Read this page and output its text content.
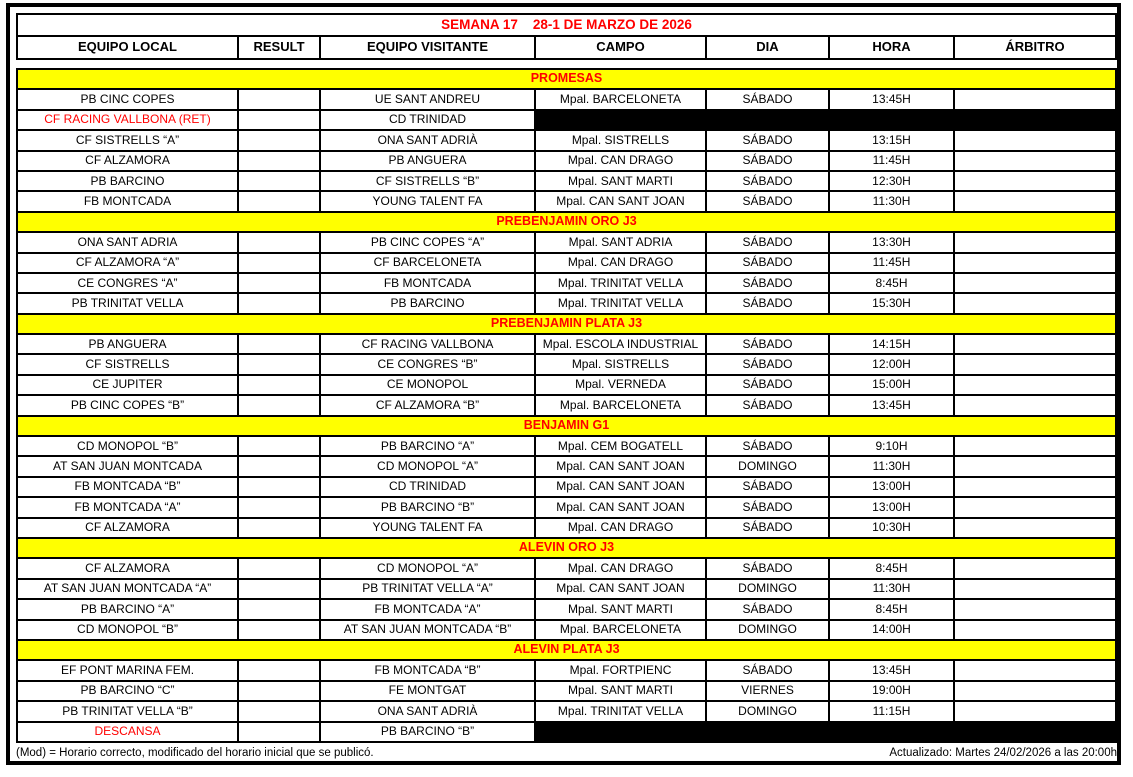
SEMANA 17    28-1 DE MARZO DE 2026
EQUIPO LOCAL	RESULT	EQUIPO VISITANTE	CAMPO	DIA	HORA	ÁRBITRO
PROMESAS						
PB CINC COPES		UE SANT ANDREU	Mpal. BARCELONETA	SÁBADO	13:45H	
CF RACING VALLBONA (RET)		CD TRINIDAD				
CF SISTRELLS “A”		ONA SANT ADRIÀ	Mpal. SISTRELLS	SÁBADO	13:15H	
CF ALZAMORA		PB ANGUERA	Mpal. CAN DRAGO	SÁBADO	11:45H	
PB BARCINO		CF SISTRELLS “B”	Mpal. SANT MARTI	SÁBADO	12:30H	
FB MONTCADA		YOUNG TALENT FA	Mpal. CAN SANT JOAN	SÁBADO	11:30H	
PREBENJAMIN ORO J3						
ONA SANT ADRIA		PB CINC COPES “A”	Mpal. SANT ADRIA	SÁBADO	13:30H	
CF ALZAMORA “A”		CF BARCELONETA	Mpal. CAN DRAGO	SÁBADO	11:45H	
CE CONGRES “A”		FB MONTCADA	Mpal. TRINITAT VELLA	SÁBADO	8:45H	
PB TRINITAT VELLA		PB BARCINO	Mpal. TRINITAT VELLA	SÁBADO	15:30H	
PREBENJAMIN PLATA J3						
PB ANGUERA		CF RACING VALLBONA	Mpal. ESCOLA INDUSTRIAL	SÁBADO	14:15H	
CF SISTRELLS		CE CONGRES “B”	Mpal. SISTRELLS	SÁBADO	12:00H	
CE JUPITER		CE MONOPOL	Mpal. VERNEDA	SÁBADO	15:00H	
PB CINC COPES “B”		CF ALZAMORA “B”	Mpal. BARCELONETA	SÁBADO	13:45H	
BENJAMIN G1						
CD MONOPOL “B”		PB BARCINO “A”	Mpal. CEM BOGATELL	SÁBADO	9:10H	
AT SAN JUAN MONTCADA		CD MONOPOL “A”	Mpal. CAN SANT JOAN	DOMINGO	11:30H	
FB MONTCADA “B”		CD TRINIDAD	Mpal. CAN SANT JOAN	SÁBADO	13:00H	
FB MONTCADA “A”		PB BARCINO “B”	Mpal. CAN SANT JOAN	SÁBADO	13:00H	
CF ALZAMORA		YOUNG TALENT FA	Mpal. CAN DRAGO	SÁBADO	10:30H	
ALEVIN ORO J3						
CF ALZAMORA		CD MONOPOL “A”	Mpal. CAN DRAGO	SÁBADO	8:45H	
AT SAN JUAN MONTCADA “A”		PB TRINITAT VELLA “A”	Mpal. CAN SANT JOAN	DOMINGO	11:30H	
PB BARCINO “A”		FB MONTCADA “A”	Mpal. SANT MARTI	SÁBADO	8:45H	
CD MONOPOL “B”		AT SAN JUAN MONTCADA “B”	Mpal. BARCELONETA	DOMINGO	14:00H	
ALEVIN PLATA J3						
EF PONT MARINA FEM.		FB MONTCADA “B”	Mpal. FORTPIENC	SÁBADO	13:45H	
PB BARCINO “C”		FE MONTGAT	Mpal. SANT MARTI	VIERNES	19:00H	
PB TRINITAT VELLA “B”		ONA SANT ADRIÀ	Mpal. TRINITAT VELLA	DOMINGO	11:15H	
DESCANSA		PB BARCINO “B”				
(Mod) = Horario correcto, modificado del horario inicial que se publicó.	Actualizado: Martes 24/02/2026 a las 20:00h
